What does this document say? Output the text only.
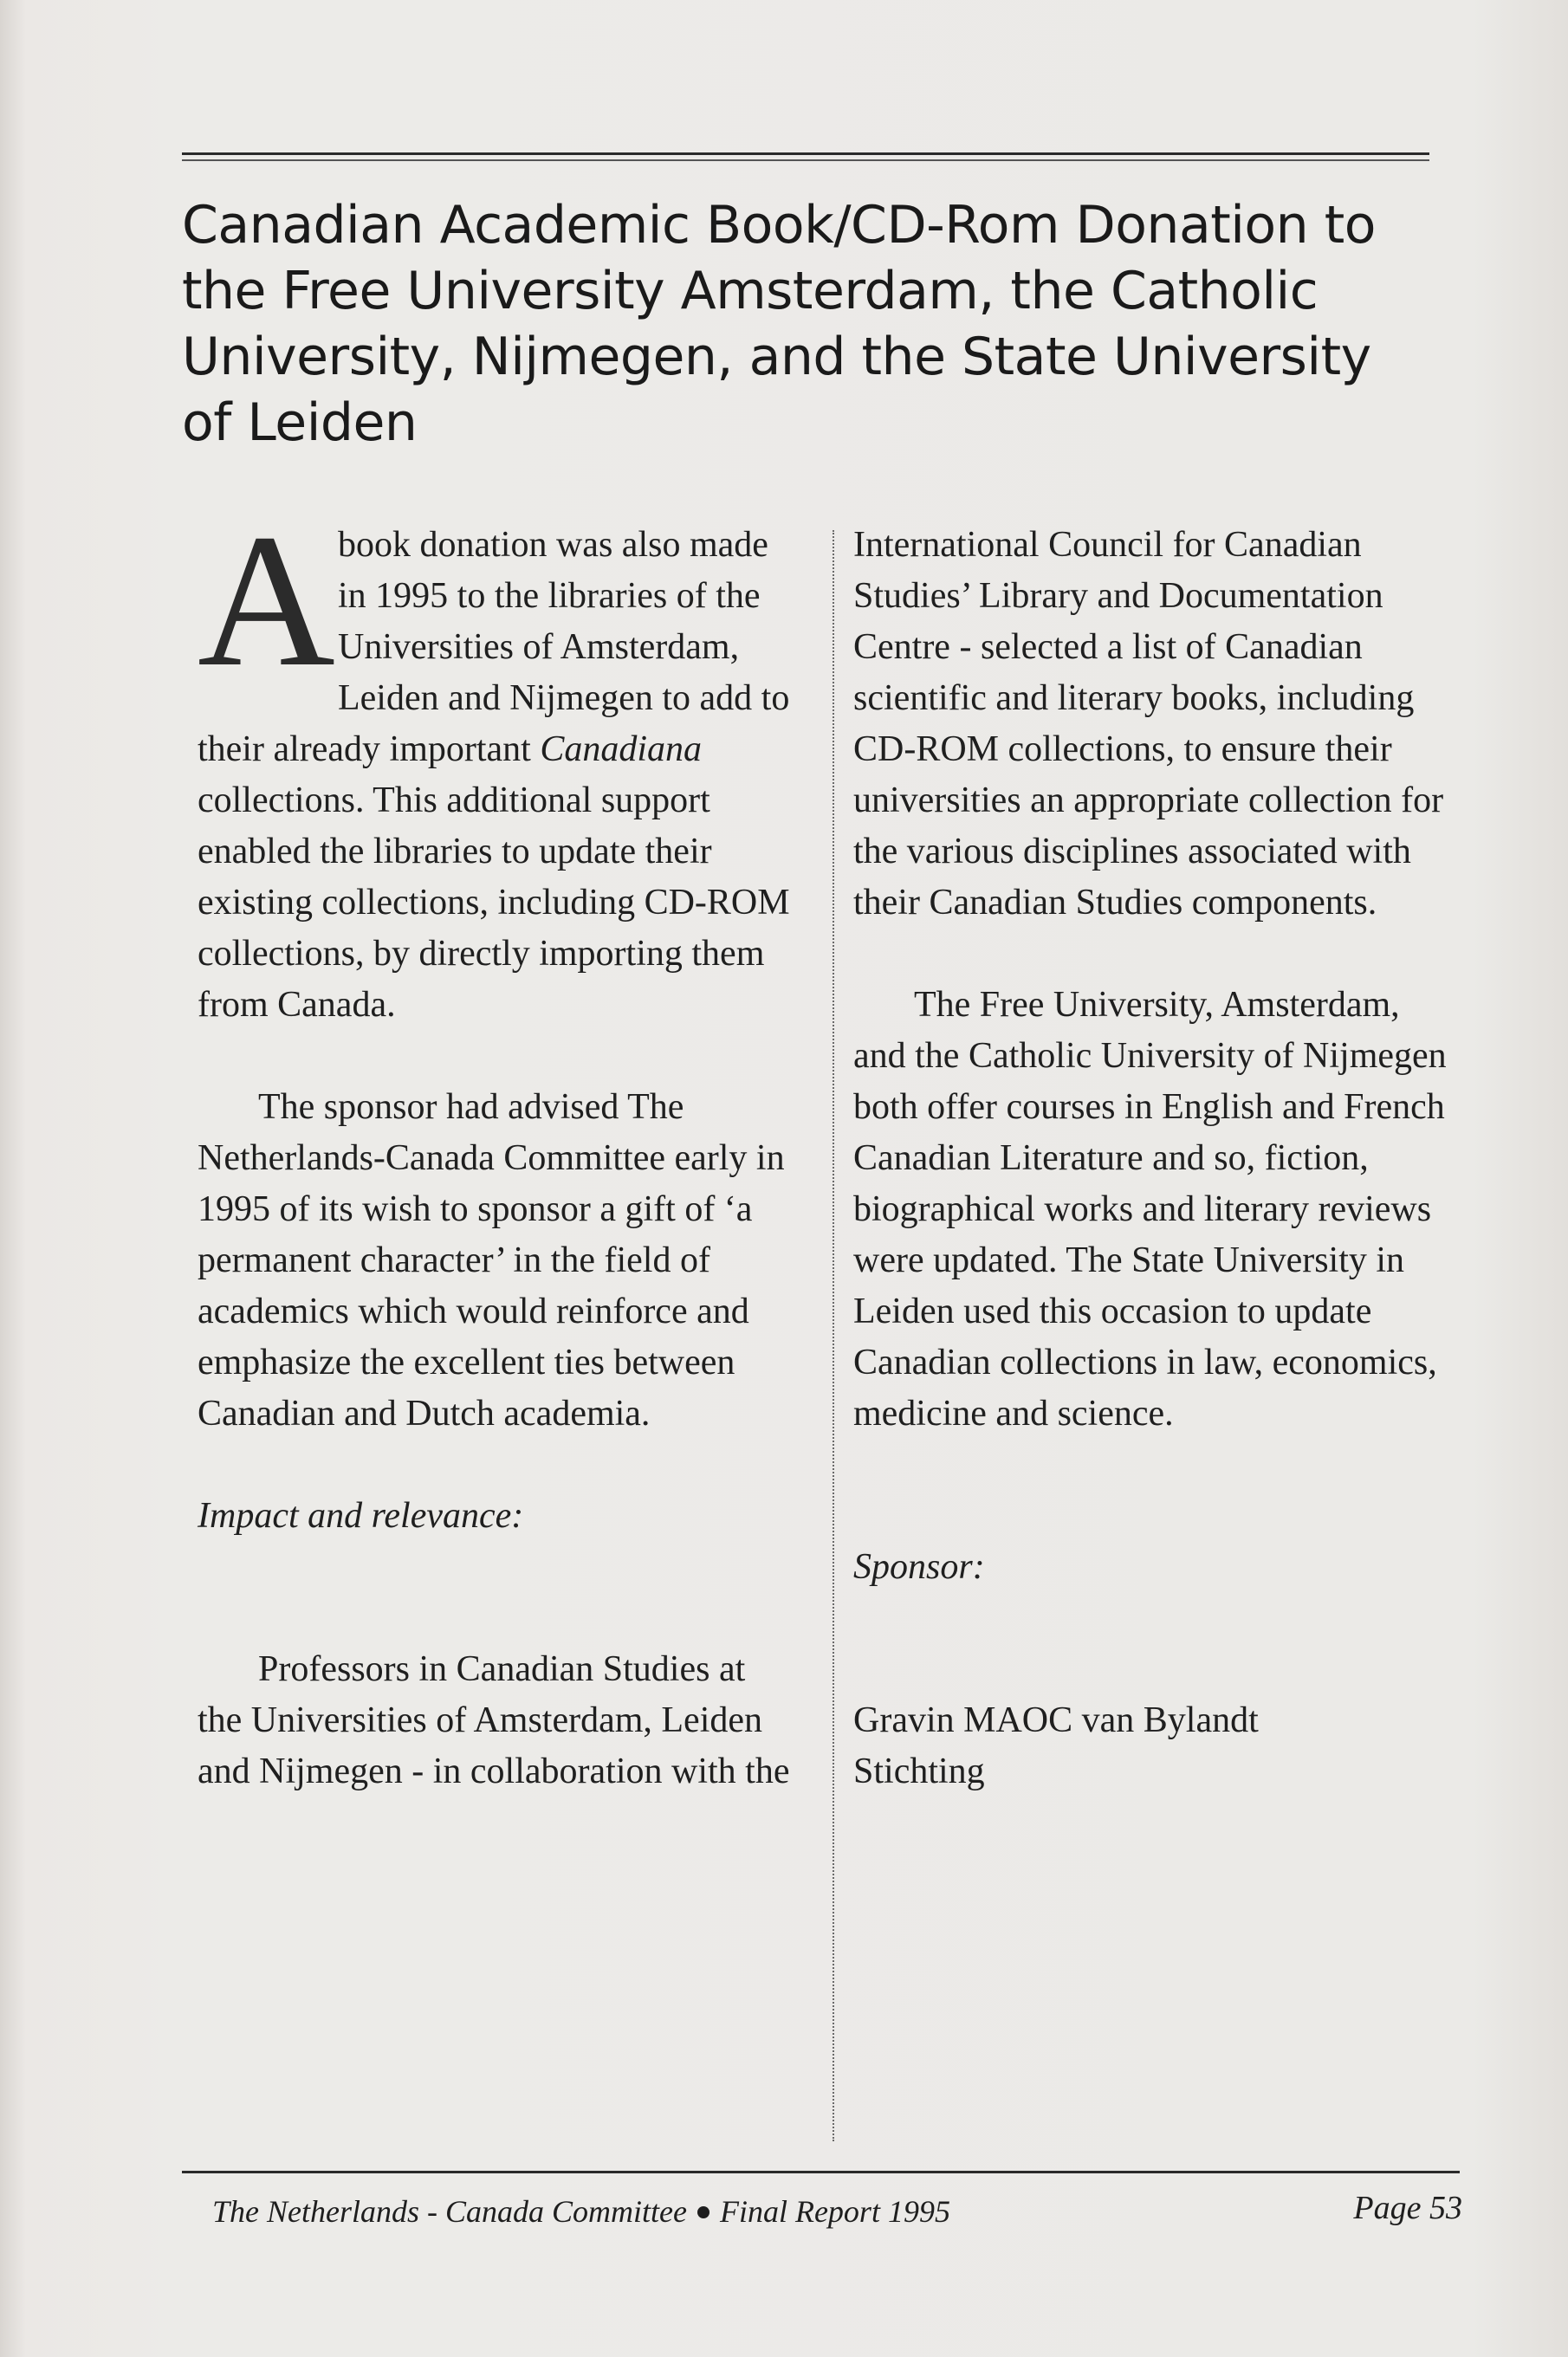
Canadian Academic Book/CD-Rom Donation to the Free University Amsterdam, the Catholic University, Nijmegen, and the State University of Leiden
A book donation was also made in 1995 to the libraries of the Universities of Amsterdam, Leiden and Nijmegen to add to their already important Canadiana collections. This additional support enabled the libraries to update their existing collections, including CD-ROM collections, by directly importing them from Canada.

The sponsor had advised The Netherlands-Canada Committee early in 1995 of its wish to sponsor a gift of ‘a permanent character’ in the field of academics which would reinforce and emphasize the excellent ties between Canadian and Dutch academia.

Impact and relevance:

Professors in Canadian Studies at the Universities of Amsterdam, Leiden and Nijmegen - in collaboration with the

International Council for Canadian Studies’ Library and Documentation Centre - selected a list of Canadian scientific and literary books, including CD-ROM collections, to ensure their universities an appropriate collection for the various disciplines associated with their Canadian Studies components.

The Free University, Amsterdam, and the Catholic University of Nijmegen both offer courses in English and French Canadian Literature and so, fiction, biographical works and literary reviews were updated. The State University in Leiden used this occasion to update Canadian collections in law, economics, medicine and science.

Sponsor:

Gravin MAOC van Bylandt

Stichting

The Netherlands - Canada Committee Final Report 1995	Page 53
